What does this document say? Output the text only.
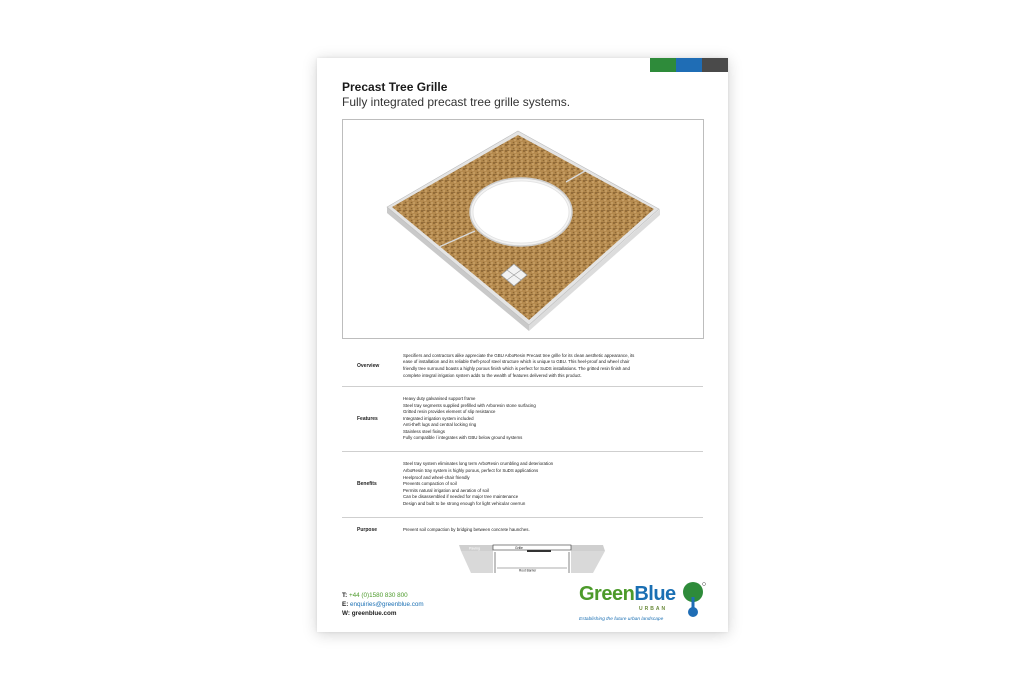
Precast Tree Grille
Fully integrated precast tree grille systems.
Overview
Specifiers and contractors alike appreciate the GBU ArboResin Precast tree grille for its clean aesthetic appearance, its
ease of installation and its reliable theft-proof steel structure which is unique to GBU. This heel-proof and wheel chair
friendly tree surround boasts a highly porous finish which is perfect for SuDS installations. The gritted resin finish and
complete integral irrigation system adds to the wealth of features delivered with this product.
Features
Heavy duty galvanised support frame
Steel tray segments supplied prefilled with Arboresin stone surfacing
Gritted resin provides element of slip resistance
Integrated irrigation system included
Anti-theft lugs and central locking ring
Stainless steel fixings
Fully compatible / integrates with GBU below ground systems
Benefits
Steel tray system eliminates long term ArboResin crumbling and deterioration
ArboResin tray system is highly porous, perfect for SuDS applications
Heelproof and wheel-chair friendly
Prevents compaction of soil
Permits natural irrigation and aeration of soil
Can be disassembled if needed for major tree maintenance
Design and built to be strong enough for light vehicular overrun
Purpose	Prevent soil compaction by bridging between concrete haunches.
Paving	Grille
Root Barrier
T: +44 (0)1580 830 800
E: enquiries@greenblue.com
W: greenblue.com
GreenBlue
URBAN
Establishing the future urban landscape
